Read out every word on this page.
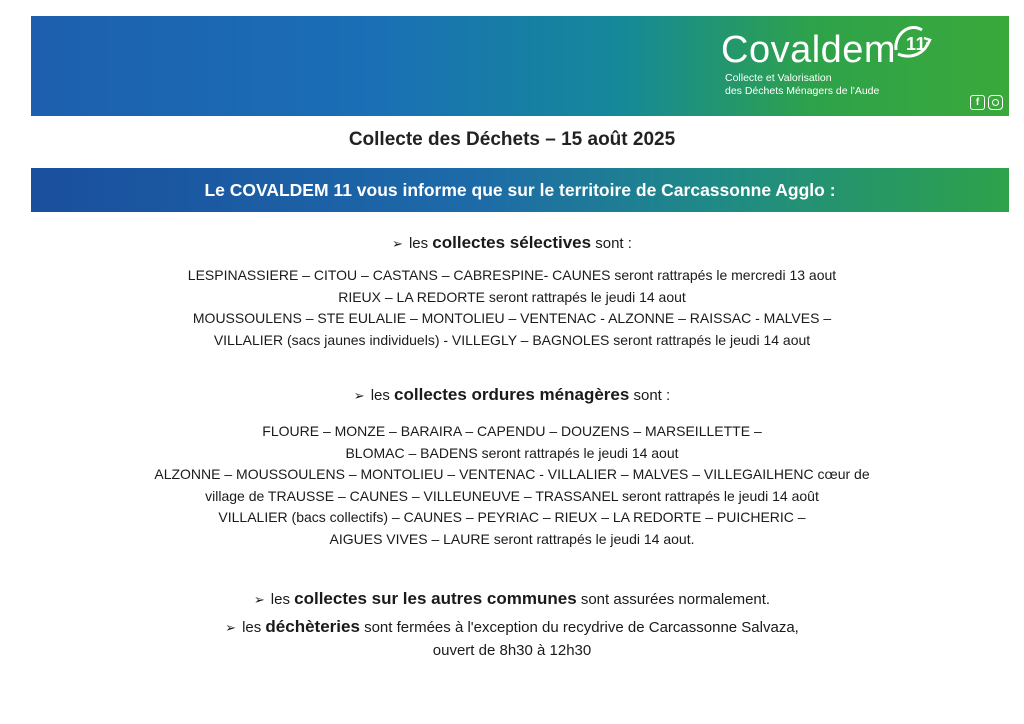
Covaldem 11
Collecte et Valorisation
des Déchets Ménagers de l'Aude
f
Collecte des Déchets – 15 août 2025
Le COVALDEM 11 vous informe que sur le territoire de Carcassonne Agglo :
➢ les collectes sélectives sont :
LESPINASSIERE – CITOU – CASTANS – CABRESPINE- CAUNES seront rattrapés le mercredi 13 aout
RIEUX – LA REDORTE seront rattrapés le jeudi 14 aout
MOUSSOULENS – STE EULALIE – MONTOLIEU – VENTENAC - ALZONNE – RAISSAC - MALVES –
VILLALIER (sacs jaunes individuels) - VILLEGLY – BAGNOLES seront rattrapés le jeudi 14 aout
➢ les collectes ordures ménagères sont :
FLOURE – MONZE – BARAIRA – CAPENDU – DOUZENS – MARSEILLETTE –
BLOMAC – BADENS seront rattrapés le jeudi 14 aout
ALZONNE – MOUSSOULENS – MONTOLIEU – VENTENAC - VILLALIER – MALVES – VILLEGAILHENC cœur de
village de TRAUSSE – CAUNES – VILLEUNEUVE – TRASSANEL seront rattrapés le jeudi 14 août
VILLALIER (bacs collectifs) – CAUNES – PEYRIAC – RIEUX – LA REDORTE – PUICHERIC –
AIGUES VIVES – LAURE seront rattrapés le jeudi 14 aout.
➢ les collectes sur les autres communes sont assurées normalement.
➢ les déchèteries sont fermées à l'exception du recydrive de Carcassonne Salvaza,
ouvert de 8h30 à 12h30
